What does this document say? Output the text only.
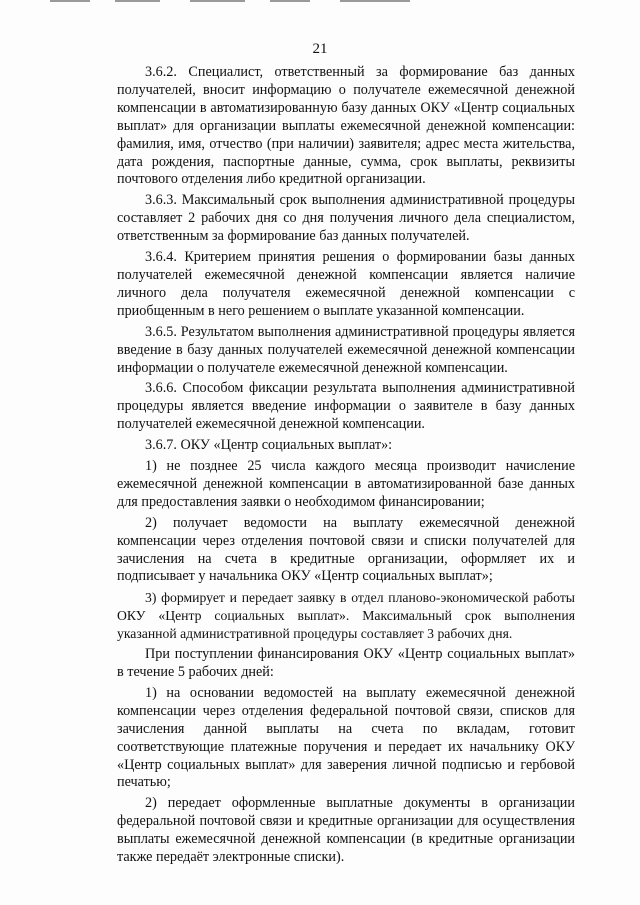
21

3.6.2. Специалист, ответственный за формирование баз данных получателей, вносит информацию о получателе ежемесячной денежной компенсации в автоматизированную базу данных ОКУ «Центр социальных выплат» для организации выплаты ежемесячной денежной компенсации: фамилия, имя, отчество (при наличии) заявителя; адрес места жительства, дата рождения, паспортные данные, сумма, срок выплаты, реквизиты почтового отделения либо кредитной организации.

3.6.3. Максимальный срок выполнения административной процедуры составляет 2 рабочих дня со дня получения личного дела специалистом, ответственным за формирование баз данных получателей.

3.6.4. Критерием принятия решения о формировании базы данных получателей ежемесячной денежной компенсации является наличие личного дела получателя ежемесячной денежной компенсации с приобщенным в него решением о выплате указанной компенсации.

3.6.5. Результатом выполнения административной процедуры является введение в базу данных получателей ежемесячной денежной компенсации информации о получателе ежемесячной денежной компенсации.

3.6.6. Способом фиксации результата выполнения административной процедуры является введение информации о заявителе в базу данных получателей ежемесячной денежной компенсации.

3.6.7. ОКУ «Центр социальных выплат»:

1) не позднее 25 числа каждого месяца производит начисление ежемесячной денежной компенсации в автоматизированной базе данных для предоставления заявки о необходимом финансировании;

2) получает ведомости на выплату ежемесячной денежной компенсации через отделения почтовой связи и списки получателей для зачисления на счета в кредитные организации, оформляет их и подписывает у начальника ОКУ «Центр социальных выплат»;

3) формирует и передает заявку в отдел планово-экономической работы ОКУ «Центр социальных выплат». Максимальный срок выполнения указанной административной процедуры составляет 3 рабочих дня.

При поступлении финансирования ОКУ «Центр социальных выплат» в течение 5 рабочих дней:

1) на основании ведомостей на выплату ежемесячной денежной компенсации через отделения федеральной почтовой связи, списков для зачисления данной выплаты на счета по вкладам, готовит соответствующие платежные поручения и передает их начальнику ОКУ «Центр социальных выплат» для заверения личной подписью и гербовой печатью;

2) передает оформленные выплатные документы в организации федеральной почтовой связи и кредитные организации для осуществления выплаты ежемесячной денежной компенсации (в кредитные организации также передаёт электронные списки).
